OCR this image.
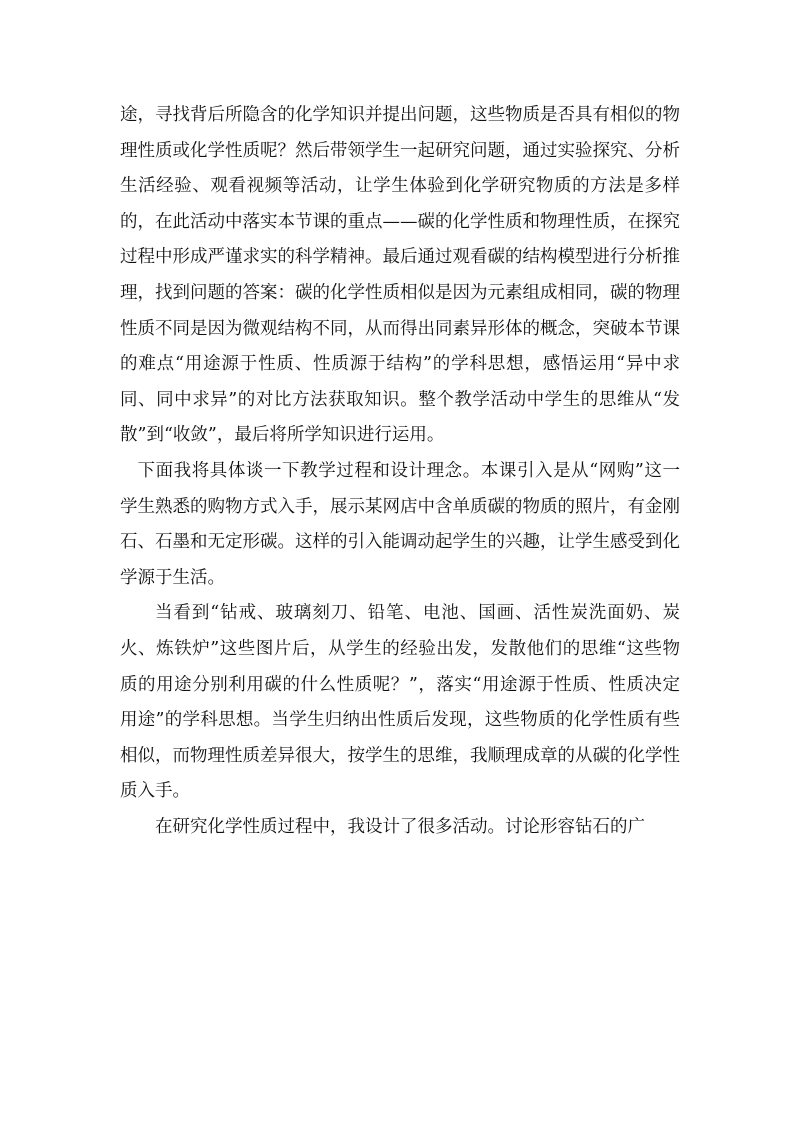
途，寻找背后所隐含的化学知识并提出问题，这些物质是否具有相似的物理性质或化学性质呢？然后带领学生一起研究问题，通过实验探究、分析生活经验、观看视频等活动，让学生体验到化学研究物质的方法是多样的，在此活动中落实本节课的重点——碳的化学性质和物理性质，在探究过程中形成严谨求实的科学精神。最后通过观看碳的结构模型进行分析推理，找到问题的答案：碳的化学性质相似是因为元素组成相同，碳的物理性质不同是因为微观结构不同，从而得出同素异形体的概念，突破本节课的难点“用途源于性质、性质源于结构”的学科思想，感悟运用“异中求同、同中求异”的对比方法获取知识。整个教学活动中学生的思维从“发散”到“收敛”，最后将所学知识进行运用。

下面我将具体谈一下教学过程和设计理念。本课引入是从“网购”这一学生熟悉的购物方式入手，展示某网店中含单质碳的物质的照片，有金刚石、石墨和无定形碳。这样的引入能调动起学生的兴趣，让学生感受到化学源于生活。

当看到“钻戒、玻璃刻刀、铅笔、电池、国画、活性炭洗面奶、炭火、炼铁炉”这些图片后，从学生的经验出发，发散他们的思维“这些物质的用途分别利用碳的什么性质呢？”，落实“用途源于性质、性质决定用途”的学科思想。当学生归纳出性质后发现，这些物质的化学性质有些相似，而物理性质差异很大，按学生的思维，我顺理成章的从碳的化学性质入手。

在研究化学性质过程中，我设计了很多活动。讨论形容钻石的广
